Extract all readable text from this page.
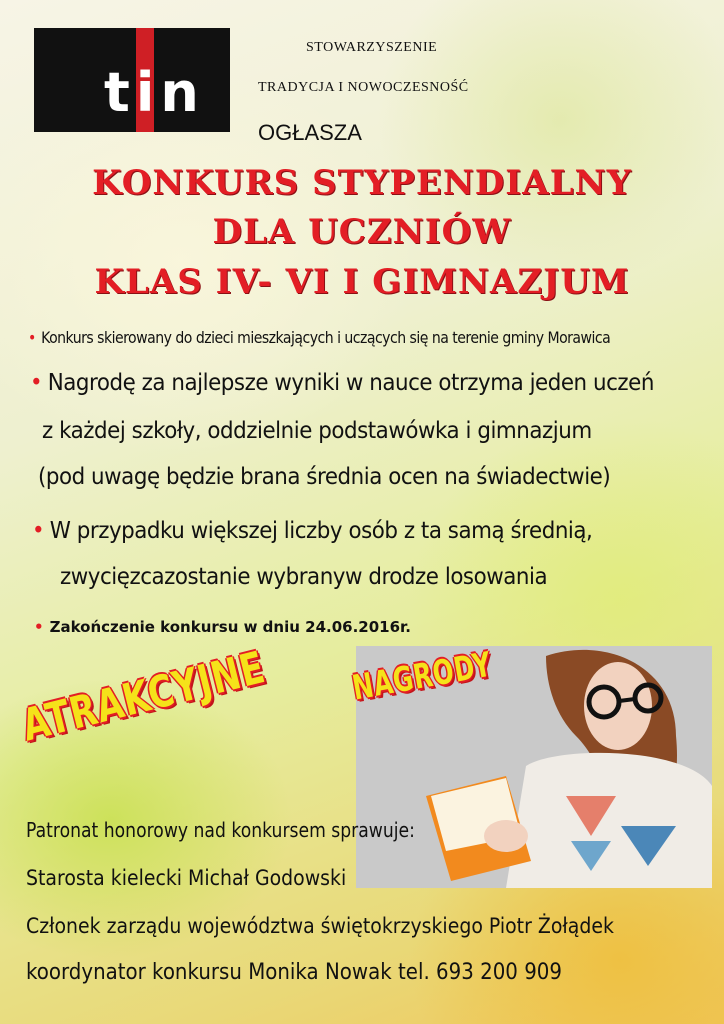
tin
STOWARZYSZENIE
TRADYCJA I NOWOCZESNOŚĆ
OGŁASZA
KONKURS STYPENDIALNY
DLA UCZNIÓW
KLAS IV- VI I GIMNAZJUM
• Konkurs skierowany do dzieci mieszkających i uczących się na terenie gminy Morawica
• Nagrodę za najlepsze wyniki w nauce otrzyma jeden uczeń
z każdej szkoły, oddzielnie podstawówka i gimnazjum
(pod uwagę będzie brana średnia ocen na świadectwie)
• W przypadku większej liczby osób z ta samą średnią,
zwycięzcazostanie wybranyw drodze losowania
• Zakończenie konkursu w dniu 24.06.2016r.
ATRAKCYJNE NAGRODY
Patronat honorowy nad konkursem sprawuje:
Starosta kielecki Michał Godowski
Członek zarządu województwa świętokrzyskiego Piotr Żołądek
koordynator konkursu Monika Nowak tel. 693 200 909
